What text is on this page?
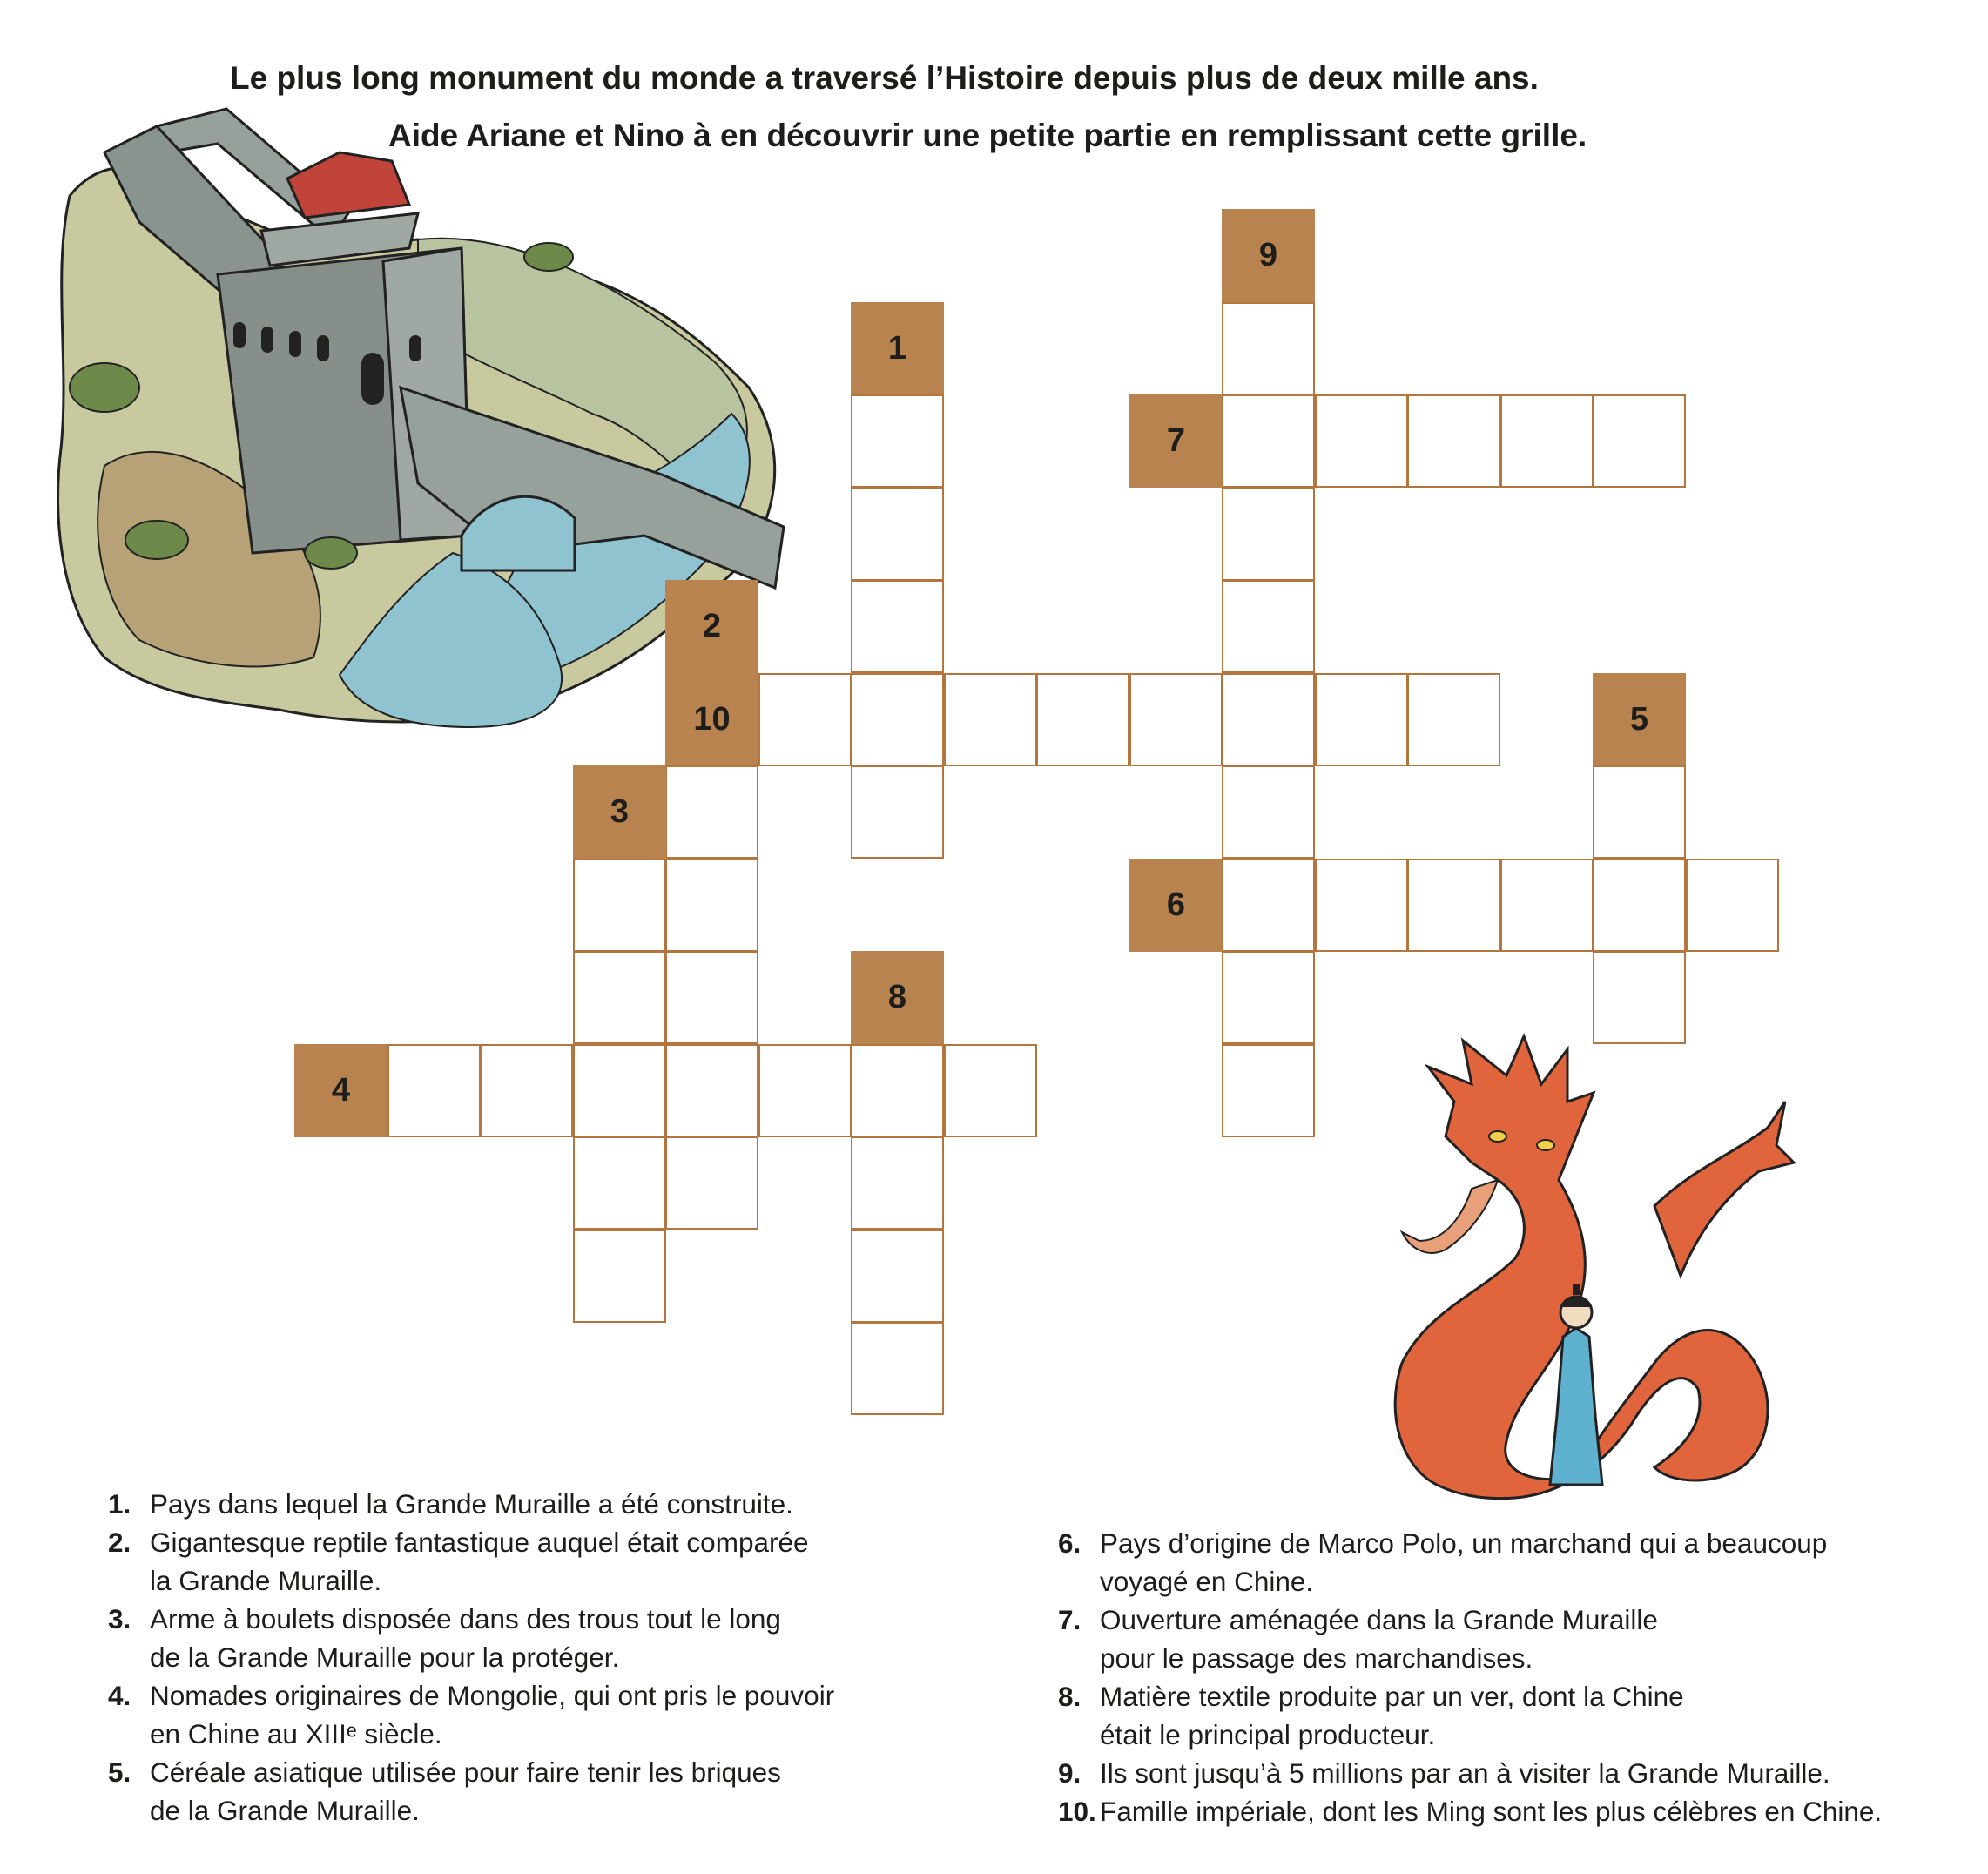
Le plus long monument du monde a traversé l’Histoire depuis plus de deux mille ans.
Aide Ariane et Nino à en découvrir une petite partie en remplissant cette grille.
1
2
10
3
4
5
6
7
8
9
1. Pays dans lequel la Grande Muraille a été construite.
2. Gigantesque reptile fantastique auquel était comparée
la Grande Muraille.
3. Arme à boulets disposée dans des trous tout le long
de la Grande Muraille pour la protéger.
4. Nomades originaires de Mongolie, qui ont pris le pouvoir
en Chine au XIIIᵉ siècle.
5. Céréale asiatique utilisée pour faire tenir les briques
de la Grande Muraille.
6. Pays d’origine de Marco Polo, un marchand qui a beaucoup
voyagé en Chine.
7. Ouverture aménagée dans la Grande Muraille
pour le passage des marchandises.
8. Matière textile produite par un ver, dont la Chine
était le principal producteur.
9. Ils sont jusqu’à 5 millions par an à visiter la Grande Muraille.
10. Famille impériale, dont les Ming sont les plus célèbres en Chine.
